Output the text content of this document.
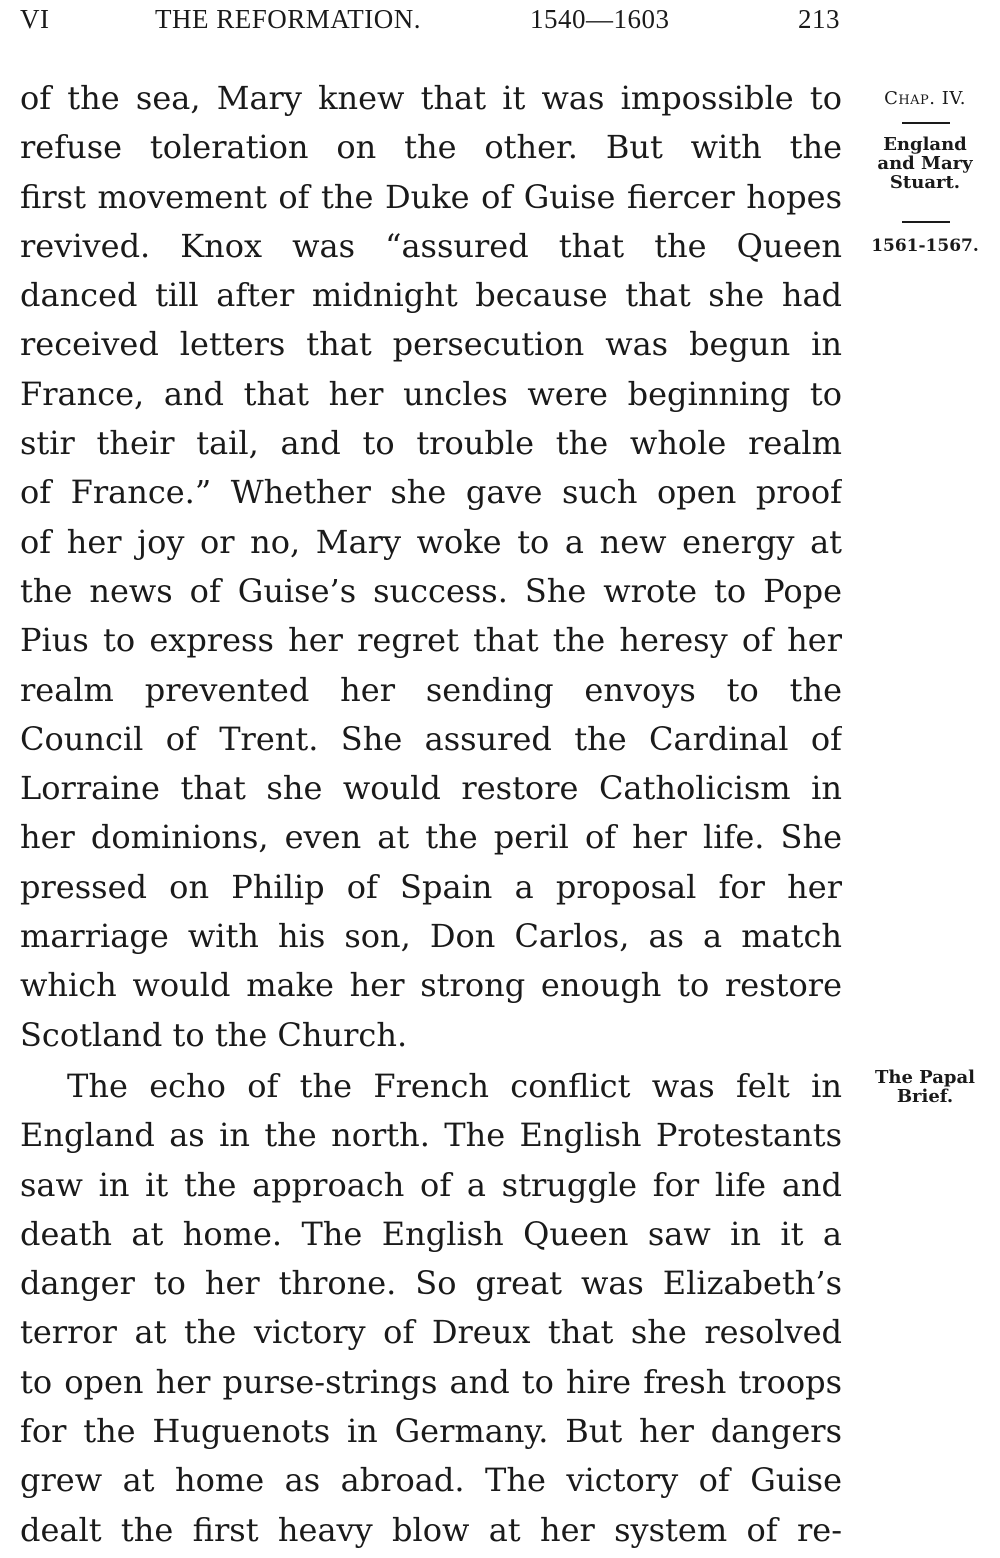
VI	THE REFORMATION.	1540—1603	213
of the sea, Mary knew that it was impossible to
refuse toleration on the other. But with the
first movement of the Duke of Guise fiercer hopes
revived. Knox was “assured that the Queen
danced till after midnight because that she had
received letters that persecution was begun in
France, and that her uncles were beginning to
stir their tail, and to trouble the whole realm
of France.” Whether she gave such open proof
of her joy or no, Mary woke to a new energy at
the news of Guise’s success. She wrote to Pope
Pius to express her regret that the heresy of her
realm prevented her sending envoys to the
Council of Trent. She assured the Cardinal of
Lorraine that she would restore Catholicism in
her dominions, even at the peril of her life. She
pressed on Philip of Spain a proposal for her
marriage with his son, Don Carlos, as a match
which would make her strong enough to restore
Scotland to the Church.
The echo of the French conflict was felt in
England as in the north. The English Protestants
saw in it the approach of a struggle for life and
death at home. The English Queen saw in it a
danger to her throne. So great was Elizabeth’s
terror at the victory of Dreux that she resolved
to open her purse-strings and to hire fresh troops
for the Huguenots in Germany. But her dangers
grew at home as abroad. The victory of Guise
dealt the first heavy blow at her system of re-
Chap. IV.
England
and Mary
Stuart.
1561-1567.
The Papal
Brief.
